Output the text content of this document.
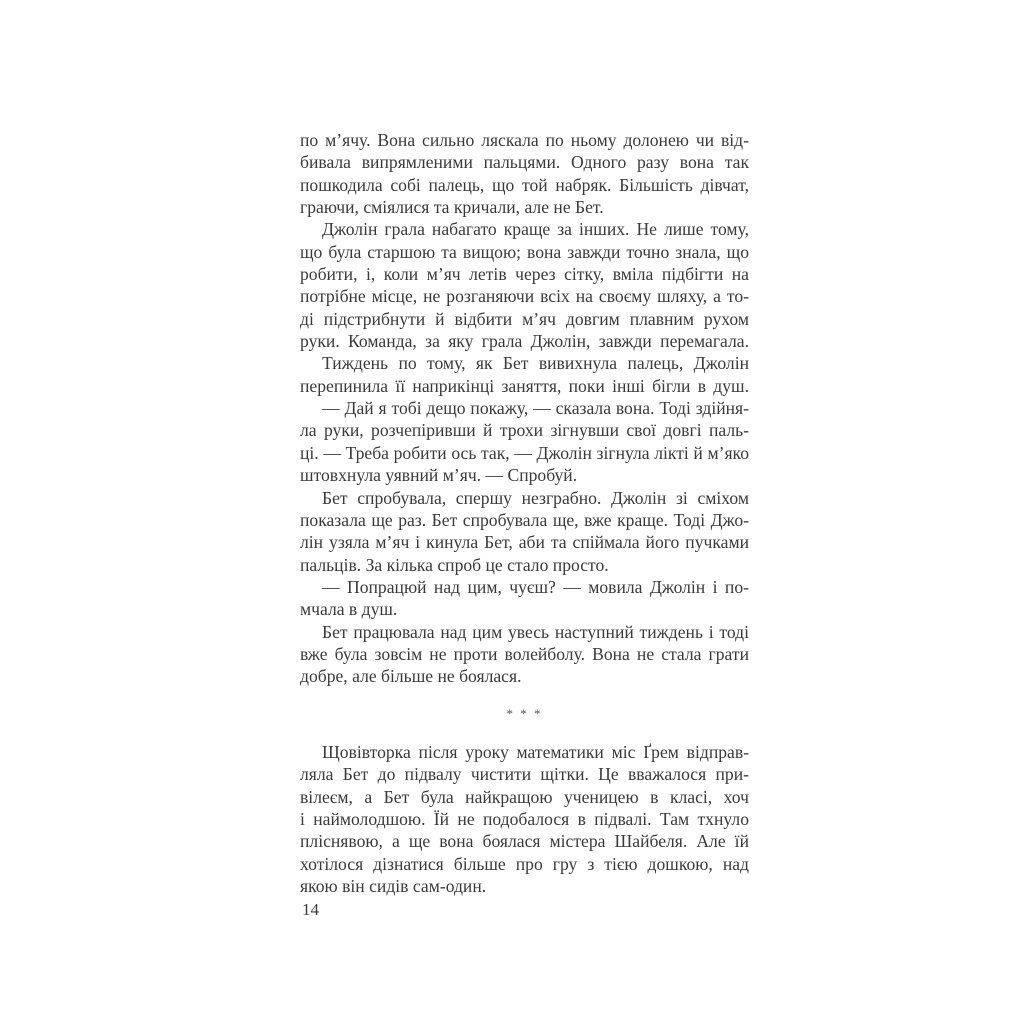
по м’ячу. Вона сильно ляскала по ньому долонею чи від-
бивала випрямленими пальцями. Одного разу вона так
пошкодила собі палець, що той набряк. Більшість дівчат,
граючи, сміялися та кричали, але не Бет.
Джолін грала набагато краще за інших. Не лише тому,
що була старшою та вищою; вона завжди точно знала, що
робити, і, коли м’яч летів через сітку, вміла підбігти на
потрібне місце, не розганяючи всіх на своєму шляху, а то-
ді підстрибнути й відбити м’яч довгим плавним рухом
руки. Команда, за яку грала Джолін, завжди перемагала.
Тиждень по тому, як Бет вивихнула палець, Джолін
перепинила її наприкінці заняття, поки інші бігли в душ.
— Дай я тобі дещо покажу, — сказала вона. Тоді здійня-
ла руки, розчепіривши й трохи зігнувши свої довгі паль-
ці. — Треба робити ось так, — Джолін зігнула лікті й м’яко
штовхнула уявний м’яч. — Спробуй.
Бет спробувала, спершу незграбно. Джолін зі сміхом
показала ще раз. Бет спробувала ще, вже краще. Тоді Джо-
лін узяла м’яч і кинула Бет, аби та спіймала його пучками
пальців. За кілька спроб це стало просто.
— Попрацюй над цим, чуєш? — мовила Джолін і по-
мчала в душ.
Бет працювала над цим увесь наступний тиждень і тоді
вже була зовсім не проти волейболу. Вона не стала грати
добре, але більше не боялася.
* * *
Щовівторка після уроку математики міс Ґрем відправ-
ляла Бет до підвалу чистити щітки. Це вважалося при-
вілеєм, а Бет була найкращою ученицею в класі, хоч
і наймолодшою. Їй не подобалося в підвалі. Там тхнуло
пліснявою, а ще вона боялася містера Шайбеля. Але їй
хотілося дізнатися більше про гру з тією дошкою, над
якою він сидів сам-один.
14
